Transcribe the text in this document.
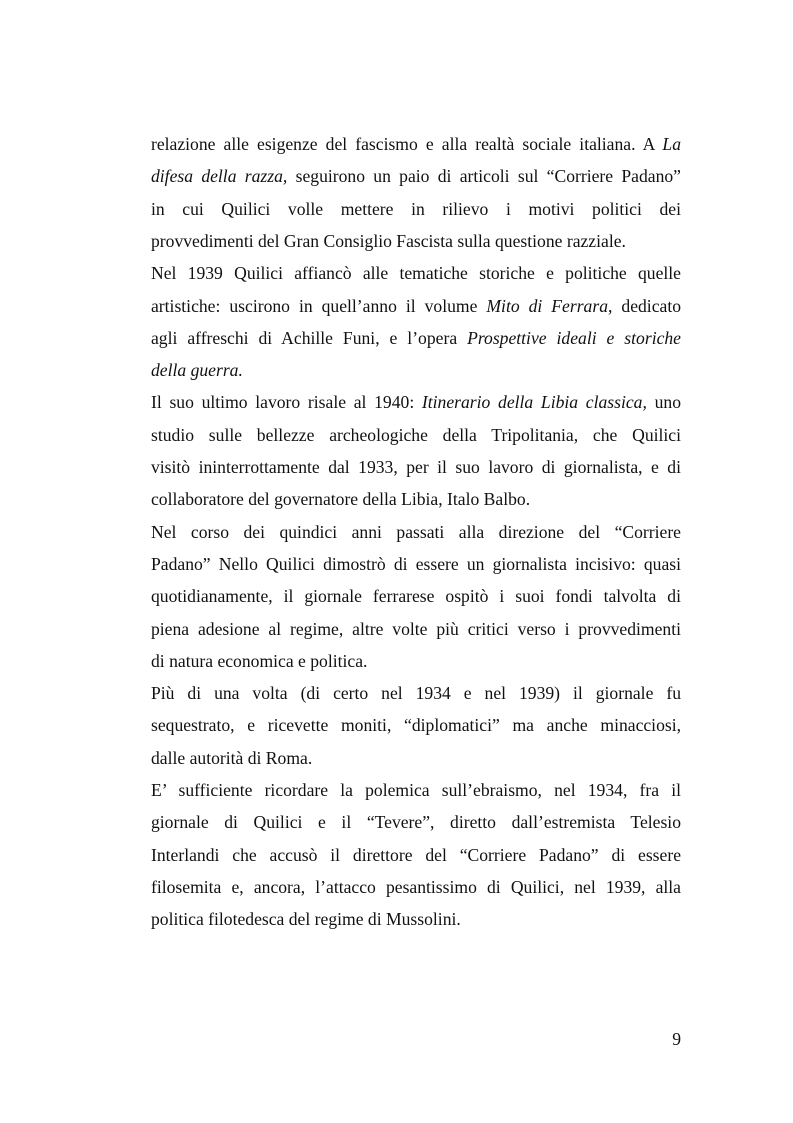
relazione alle esigenze del fascismo e alla realtà sociale italiana. A La
difesa della razza, seguirono un paio di articoli sul “Corriere Padano”
in cui Quilici volle mettere in rilievo i motivi politici dei
provvedimenti del Gran Consiglio Fascista sulla questione razziale.
Nel 1939 Quilici affiancò alle tematiche storiche e politiche quelle
artistiche: uscirono in quell’anno il volume Mito di Ferrara, dedicato
agli affreschi di Achille Funi, e l’opera Prospettive ideali e storiche
della guerra.
Il suo ultimo lavoro risale al 1940: Itinerario della Libia classica, uno
studio sulle bellezze archeologiche della Tripolitania, che Quilici
visitò ininterrottamente dal 1933, per il suo lavoro di giornalista, e di
collaboratore del governatore della Libia, Italo Balbo.
Nel corso dei quindici anni passati alla direzione del “Corriere
Padano” Nello Quilici dimostrò di essere un giornalista incisivo: quasi
quotidianamente, il giornale ferrarese ospitò i suoi fondi talvolta di
piena adesione al regime, altre volte più critici verso i provvedimenti
di natura economica e politica.
Più di una volta (di certo nel 1934 e nel 1939) il giornale fu
sequestrato, e ricevette moniti, “diplomatici” ma anche minacciosi,
dalle autorità di Roma.
E’ sufficiente ricordare la polemica sull’ebraismo, nel 1934, fra il
giornale di Quilici e il “Tevere”, diretto dall’estremista Telesio
Interlandi che accusò il direttore del “Corriere Padano” di essere
filosemita e, ancora, l’attacco pesantissimo di Quilici, nel 1939, alla
politica filotedesca del regime di Mussolini.
9
